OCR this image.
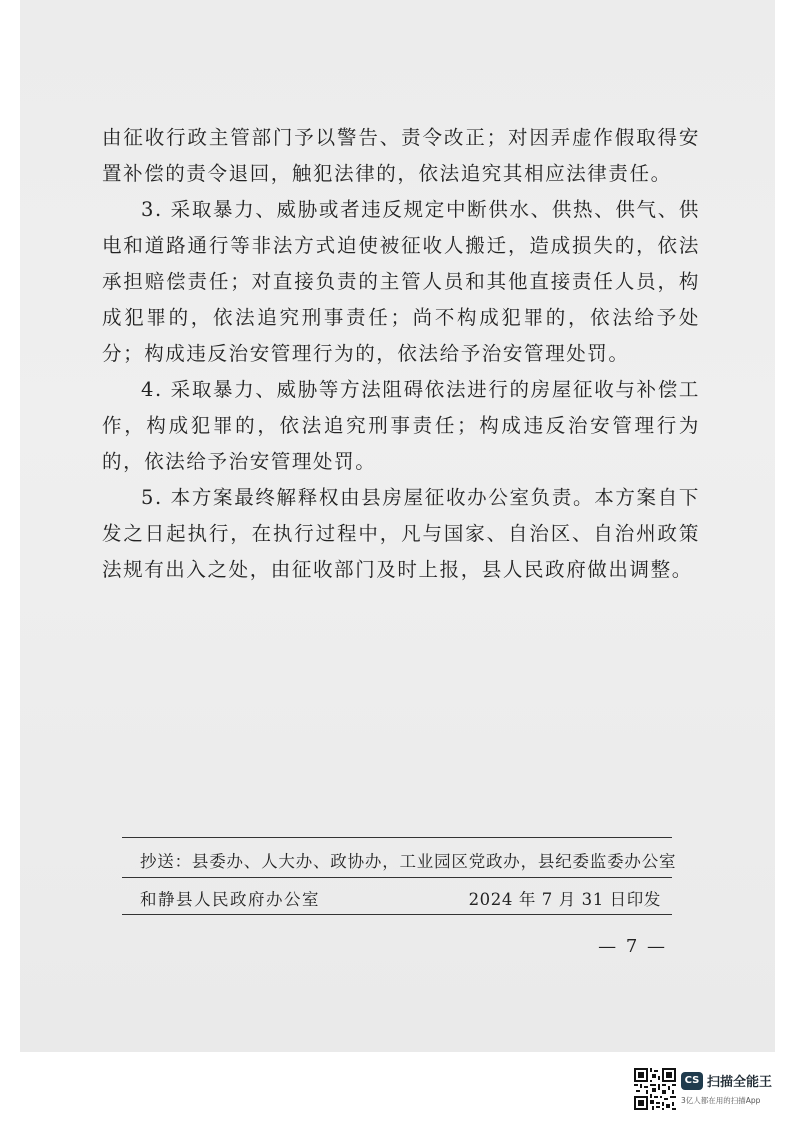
由征收行政主管部门予以警告、责令改正；对因弄虚作假取得安置补偿的责令退回，触犯法律的，依法追究其相应法律责任。

3. 采取暴力、威胁或者违反规定中断供水、供热、供气、供电和道路通行等非法方式迫使被征收人搬迁，造成损失的，依法承担赔偿责任；对直接负责的主管人员和其他直接责任人员，构成犯罪的，依法追究刑事责任；尚不构成犯罪的，依法给予处分；构成违反治安管理行为的，依法给予治安管理处罚。

4. 采取暴力、威胁等方法阻碍依法进行的房屋征收与补偿工作，构成犯罪的，依法追究刑事责任；构成违反治安管理行为的，依法给予治安管理处罚。

5. 本方案最终解释权由县房屋征收办公室负责。本方案自下发之日起执行，在执行过程中，凡与国家、自治区、自治州政策法规有出入之处，由征收部门及时上报，县人民政府做出调整。

抄送：县委办、人大办、政协办，工业园区党政办，县纪委监委办公室
和静县人民政府办公室	2024 年 7 月 31 日印发
— 7 —
CS 扫描全能王
3亿人都在用的扫描App
